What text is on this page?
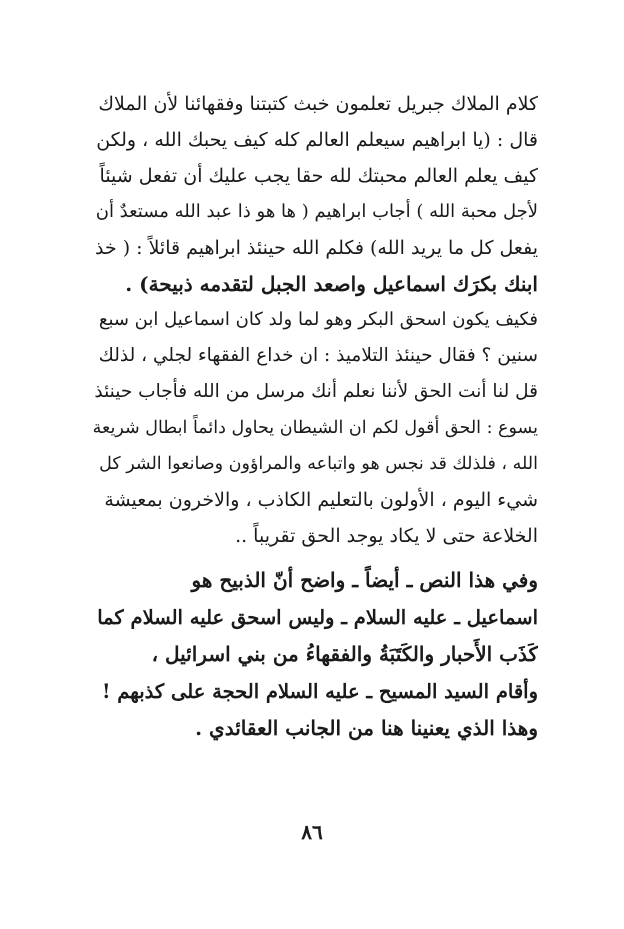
كلام الملاك جبريل تعلمون خبث كتبتنا وفقهائنا لأن الملاك
قال : (يا ابراهيم سيعلم العالم كله كيف يحبك الله ، ولكن
كيف يعلم العالم محبتك لله حقا يجب عليك أن تفعل شيئاً
لأجل محبة الله ) أجاب ابراهيم ( ها هو ذا عبد الله مستعدٌ أن
يفعل كل ما يريد الله) فكلم الله حينئذ ابراهيم قائلاً : ( خذ
ابنك بكرَك اسماعيل واصعد الجبل لتقدمه ذبيحة) .
فكيف يكون اسحق البكر وهو لما ولد كان اسماعيل ابن سبع
سنين ؟ فقال حينئذ التلاميذ : ان خداع الفقهاء لجلي ، لذلك
قل لنا أنت الحق لأننا نعلم أنك مرسل من الله فأجاب حينئذ
يسوع : الحق أقول لكم ان الشيطان يحاول دائماً ابطال شريعة
الله ، فلذلك قد نجس هو واتباعه والمراؤون وصانعوا الشر كل
شيء اليوم ، الأولون بالتعليم الكاذب ، والاخرون بمعيشة
الخلاعة حتى لا يكاد يوجد الحق تقريباً ..
وفي هذا النص ـ أيضاً ـ واضح أنّ الذبيح هو
اسماعيل ـ عليه السلام ـ وليس اسحق عليه السلام كما
كَذَب الأَحبار والكَتَبَةُ والفقهاءُ من بني اسرائيل ،
وأقام السيد المسيح ـ عليه السلام الحجة على كذبهم !
وهذا الذي يعنينا هنا من الجانب العقائدي .
٨٦
